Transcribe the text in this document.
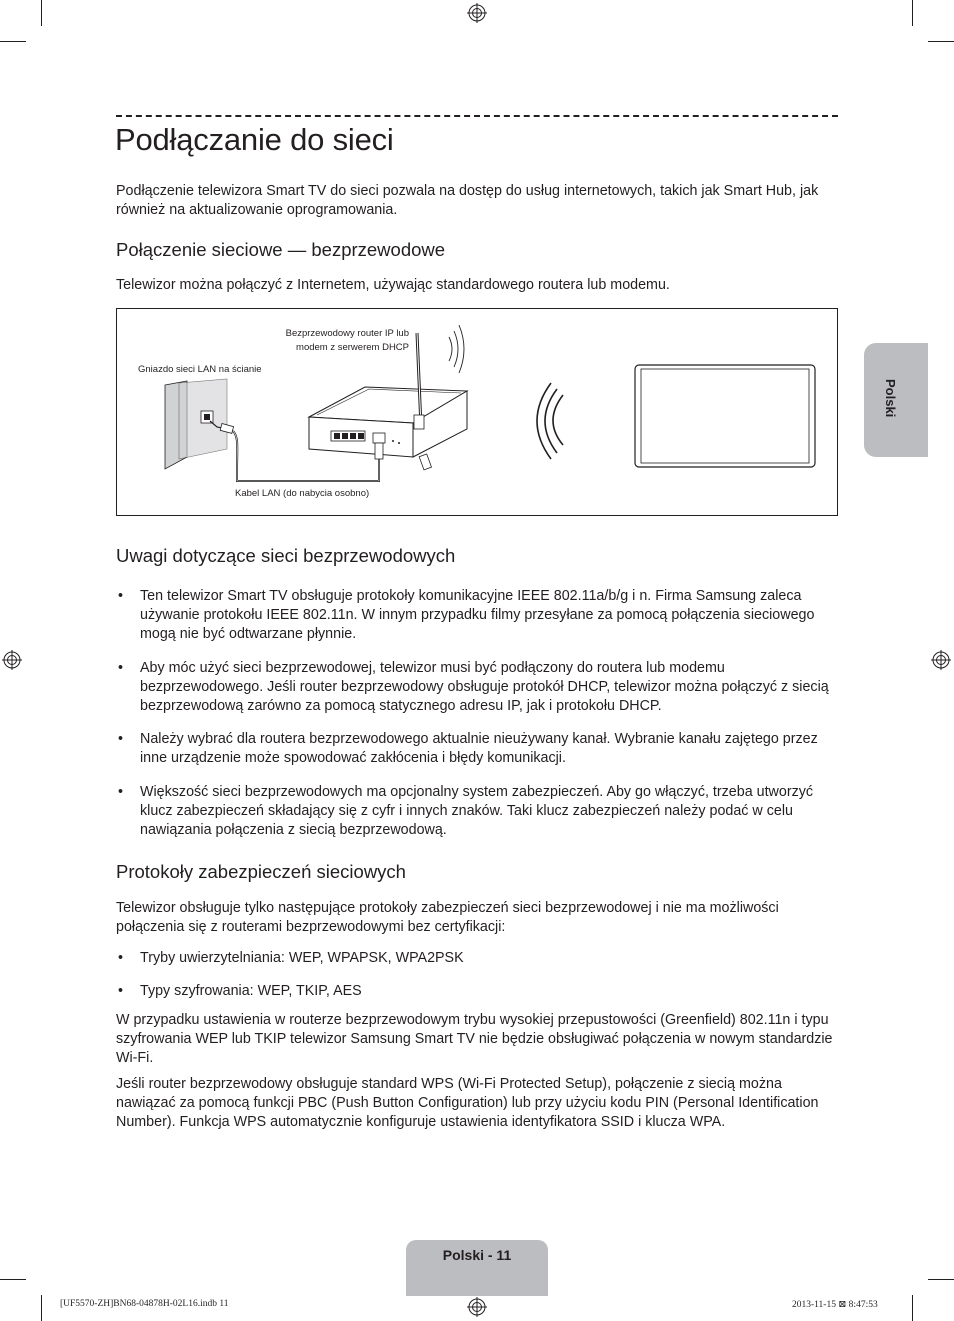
Podłączanie do sieci
Podłączenie telewizora Smart TV do sieci pozwala na dostęp do usług internetowych, takich jak Smart Hub, jak również na aktualizowanie oprogramowania.
Połączenie sieciowe — bezprzewodowe
Telewizor można połączyć z Internetem, używając standardowego routera lub modemu.
Bezprzewodowy router IP lub
modem z serwerem DHCP
Gniazdo sieci LAN na ścianie
Kabel LAN (do nabycia osobno)
Uwagi dotyczące sieci bezprzewodowych
• Ten telewizor Smart TV obsługuje protokoły komunikacyjne IEEE 802.11a/b/g i n. Firma Samsung zaleca używanie protokołu IEEE 802.11n. W innym przypadku filmy przesyłane za pomocą połączenia sieciowego mogą nie być odtwarzane płynnie.
• Aby móc użyć sieci bezprzewodowej, telewizor musi być podłączony do routera lub modemu bezprzewodowego. Jeśli router bezprzewodowy obsługuje protokół DHCP, telewizor można połączyć z siecią bezprzewodową zarówno za pomocą statycznego adresu IP, jak i protokołu DHCP.
• Należy wybrać dla routera bezprzewodowego aktualnie nieużywany kanał. Wybranie kanału zajętego przez inne urządzenie może spowodować zakłócenia i błędy komunikacji.
• Większość sieci bezprzewodowych ma opcjonalny system zabezpieczeń. Aby go włączyć, trzeba utworzyć klucz zabezpieczeń składający się z cyfr i innych znaków. Taki klucz zabezpieczeń należy podać w celu nawiązania połączenia z siecią bezprzewodową.
Protokoły zabezpieczeń sieciowych
Telewizor obsługuje tylko następujące protokoły zabezpieczeń sieci bezprzewodowej i nie ma możliwości połączenia się z routerami bezprzewodowymi bez certyfikacji:
• Tryby uwierzytelniania: WEP, WPAPSK, WPA2PSK
• Typy szyfrowania: WEP, TKIP, AES
W przypadku ustawienia w routerze bezprzewodowym trybu wysokiej przepustowości (Greenfield) 802.11n i typu szyfrowania WEP lub TKIP telewizor Samsung Smart TV nie będzie obsługiwać połączenia w nowym standardzie Wi-Fi.
Jeśli router bezprzewodowy obsługuje standard WPS (Wi-Fi Protected Setup), połączenie z siecią można nawiązać za pomocą funkcji PBC (Push Button Configuration) lub przy użyciu kodu PIN (Personal Identification Number). Funkcja WPS automatycznie konfiguruje ustawienia identyfikatora SSID i klucza WPA.
Polski
Polski - 11
[UF5570-ZH]BN68-04878H-02L16.indb 11	2013-11-15 ⊠ 8:47:53
